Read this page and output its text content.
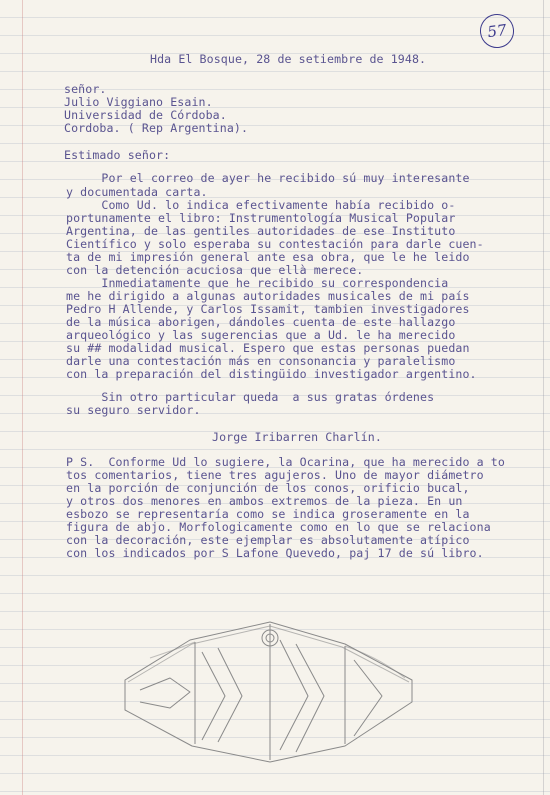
57
Hda El Bosque, 28 de setiembre de 1948.
señor.
Julio Viggiano Esain.
Universidad de Córdoba.
Cordoba. ( Rep Argentina).
Estimado señor:
Por el correo de ayer he recibido sú muy interesante
y documentada carta.
Como Ud. lo indica efectivamente había recibido o-
portunamente el libro: Instrumentología Musical Popular
Argentina, de las gentiles autoridades de ese Instituto
Científico y solo esperaba su contestación para darle cuen-
ta de mi impresión general ante esa obra, que le he leido
con la detención acuciosa que ellà merece.
Inmediatamente que he recibido su correspondencia
me he dirigido a algunas autoridades musicales de mi país
Pedro H Allende, y Carlos Issamit, tambien investigadores
de la música aborigen, dándoles cuenta de este hallazgo
arqueológico y las sugerencias que a Ud. le ha merecido
su ## modalidad musical. Espero que estas personas puedan
darle una contestación más en consonancia y paralelismo
con la preparación del distingüido investigador argentino.
Sin otro particular queda  a sus gratas órdenes
su seguro servidor.
Jorge Iribarren Charlín.
P S.  Conforme Ud lo sugiere, la Ocarina, que ha merecido a to
tos comentarios, tiene tres agujeros. Uno de mayor diámetro
en la porción de conjunción de los conos, orificio bucal,
y otros dos menores en ambos extremos de la pieza. En un
esbozo se representaría como se indica groseramente en la
figura de abjo. Morfologicamente como en lo que se relaciona
con la decoración, este ejemplar es absolutamente atípico
con los indicados por S Lafone Quevedo, paj 17 de sú libro.
